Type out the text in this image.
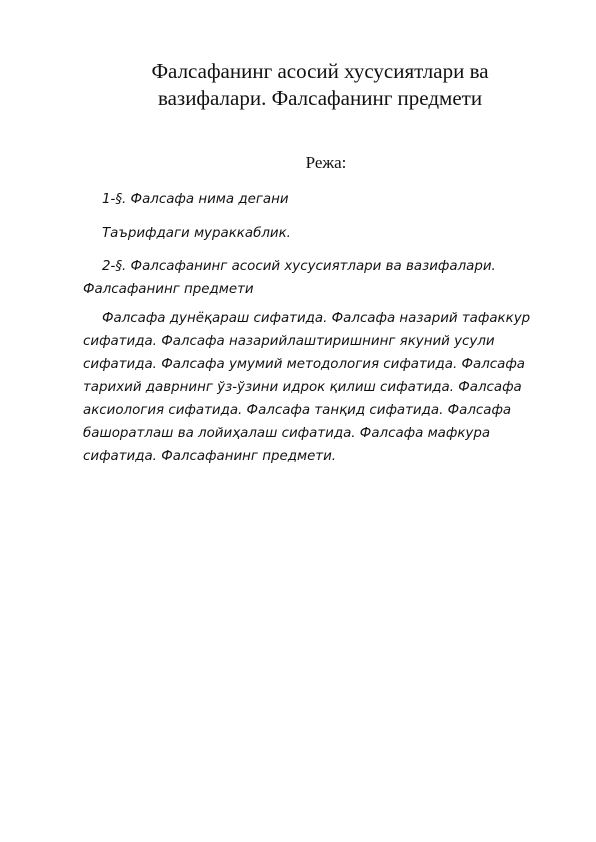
Фалсафанинг асосий хусусиятлари ва
вазифалари. Фалсафанинг предмети

Режа:

1-§. Фалсафа нима дегани

Таърифдаги мураккаблик.

2-§. Фалсафанинг асосий хусусиятлари ва вазифалари. Фалсафанинг предмети

Фалсафа дунёқараш сифатида. Фалсафа назарий тафаккур сифатида. Фалсафа назарийлаштиришнинг якуний усули сифатида. Фалсафа умумий методология сифатида. Фалсафа тарихий даврнинг ўз-ўзини идрок қилиш сифатида. Фалсафа аксиология сифатида. Фалсафа танқид сифатида. Фалсафа башоратлаш ва лойиҳалаш сифатида. Фалсафа мафкура сифатида. Фалсафанинг предмети.
